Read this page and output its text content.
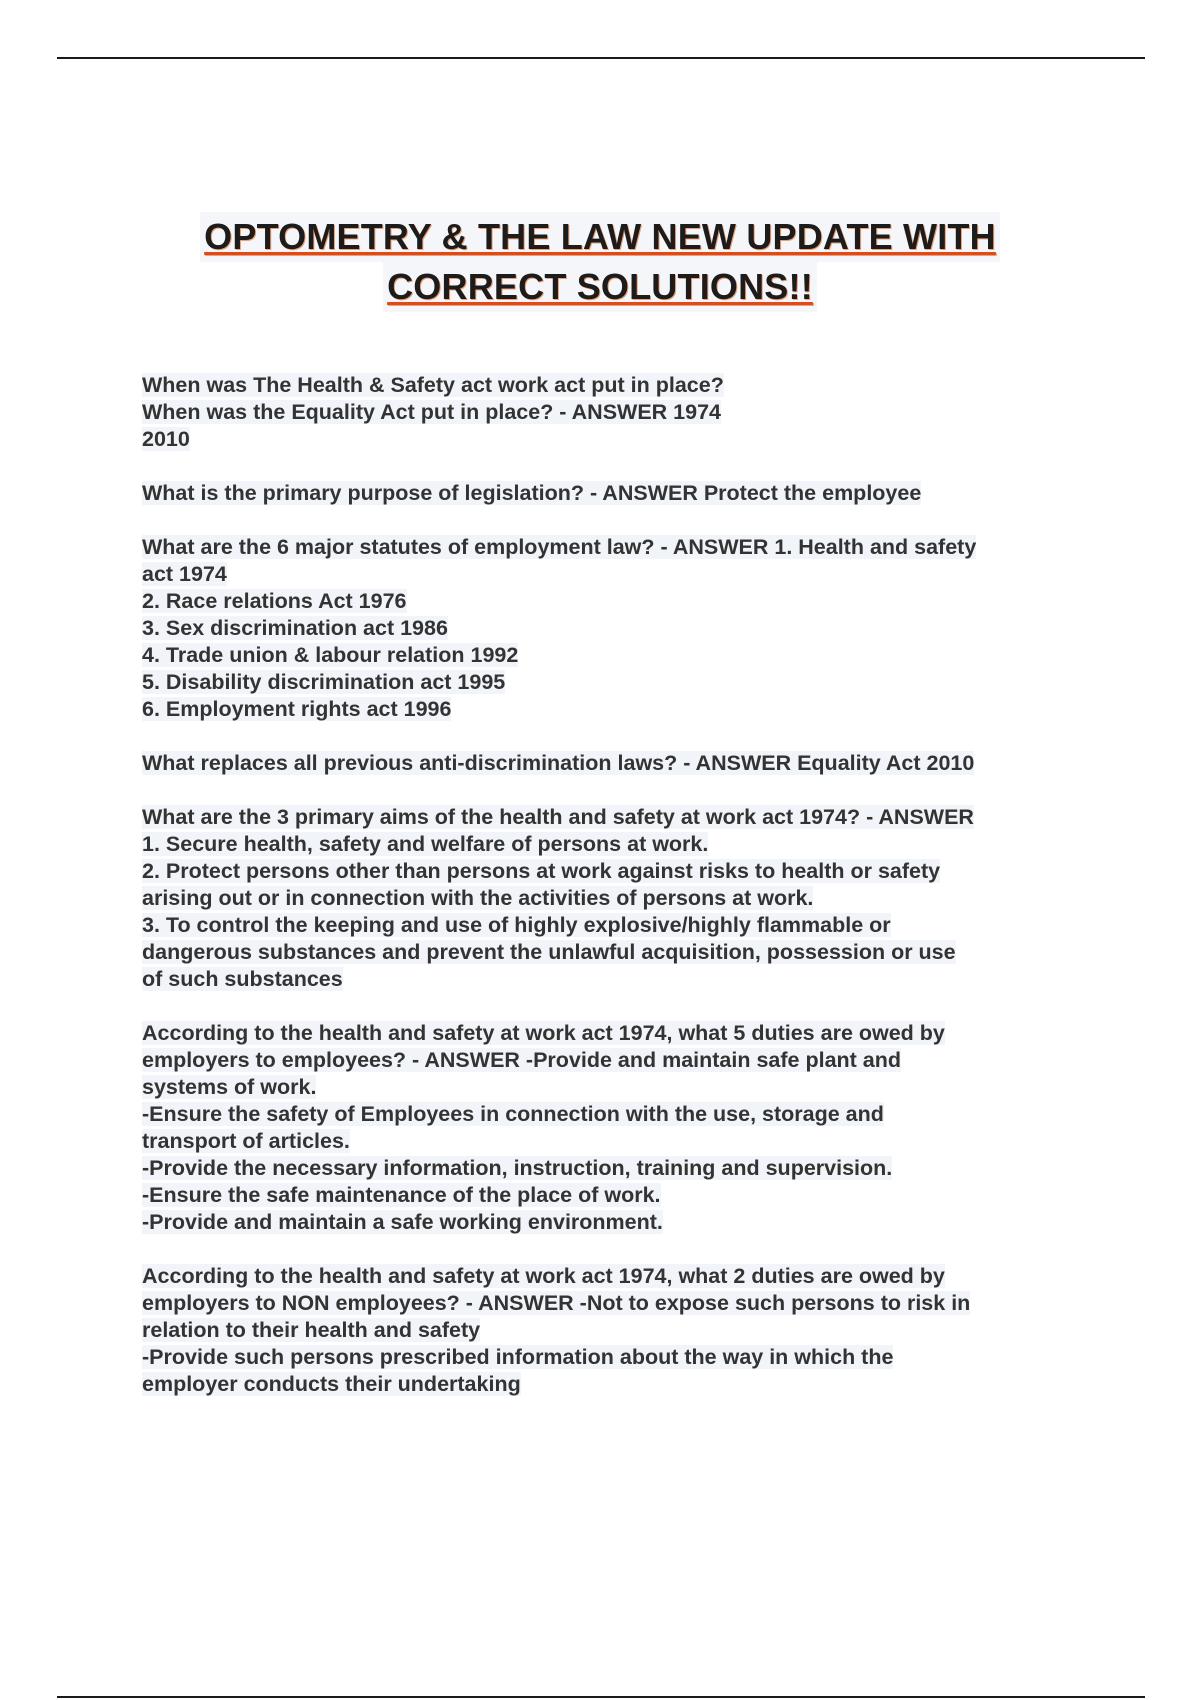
OPTOMETRY & THE LAW NEW UPDATE WITH
CORRECT SOLUTIONS!!
When was The Health & Safety act work act put in place?
When was the Equality Act put in place? - ANSWER 1974
2010
What is the primary purpose of legislation? - ANSWER Protect the employee
What are the 6 major statutes of employment law? - ANSWER 1. Health and safety
act 1974
2. Race relations Act 1976
3. Sex discrimination act 1986
4. Trade union & labour relation 1992
5. Disability discrimination act 1995
6. Employment rights act 1996
What replaces all previous anti-discrimination laws? - ANSWER Equality Act 2010
What are the 3 primary aims of the health and safety at work act 1974? - ANSWER
1. Secure health, safety and welfare of persons at work.
2. Protect persons other than persons at work against risks to health or safety
arising out or in connection with the activities of persons at work.
3. To control the keeping and use of highly explosive/highly flammable or
dangerous substances and prevent the unlawful acquisition, possession or use
of such substances
According to the health and safety at work act 1974, what 5 duties are owed by
employers to employees? - ANSWER -Provide and maintain safe plant and
systems of work.
-Ensure the safety of Employees in connection with the use, storage and
transport of articles.
-Provide the necessary information, instruction, training and supervision.
-Ensure the safe maintenance of the place of work.
-Provide and maintain a safe working environment.
According to the health and safety at work act 1974, what 2 duties are owed by
employers to NON employees? - ANSWER -Not to expose such persons to risk in
relation to their health and safety
-Provide such persons prescribed information about the way in which the
employer conducts their undertaking
